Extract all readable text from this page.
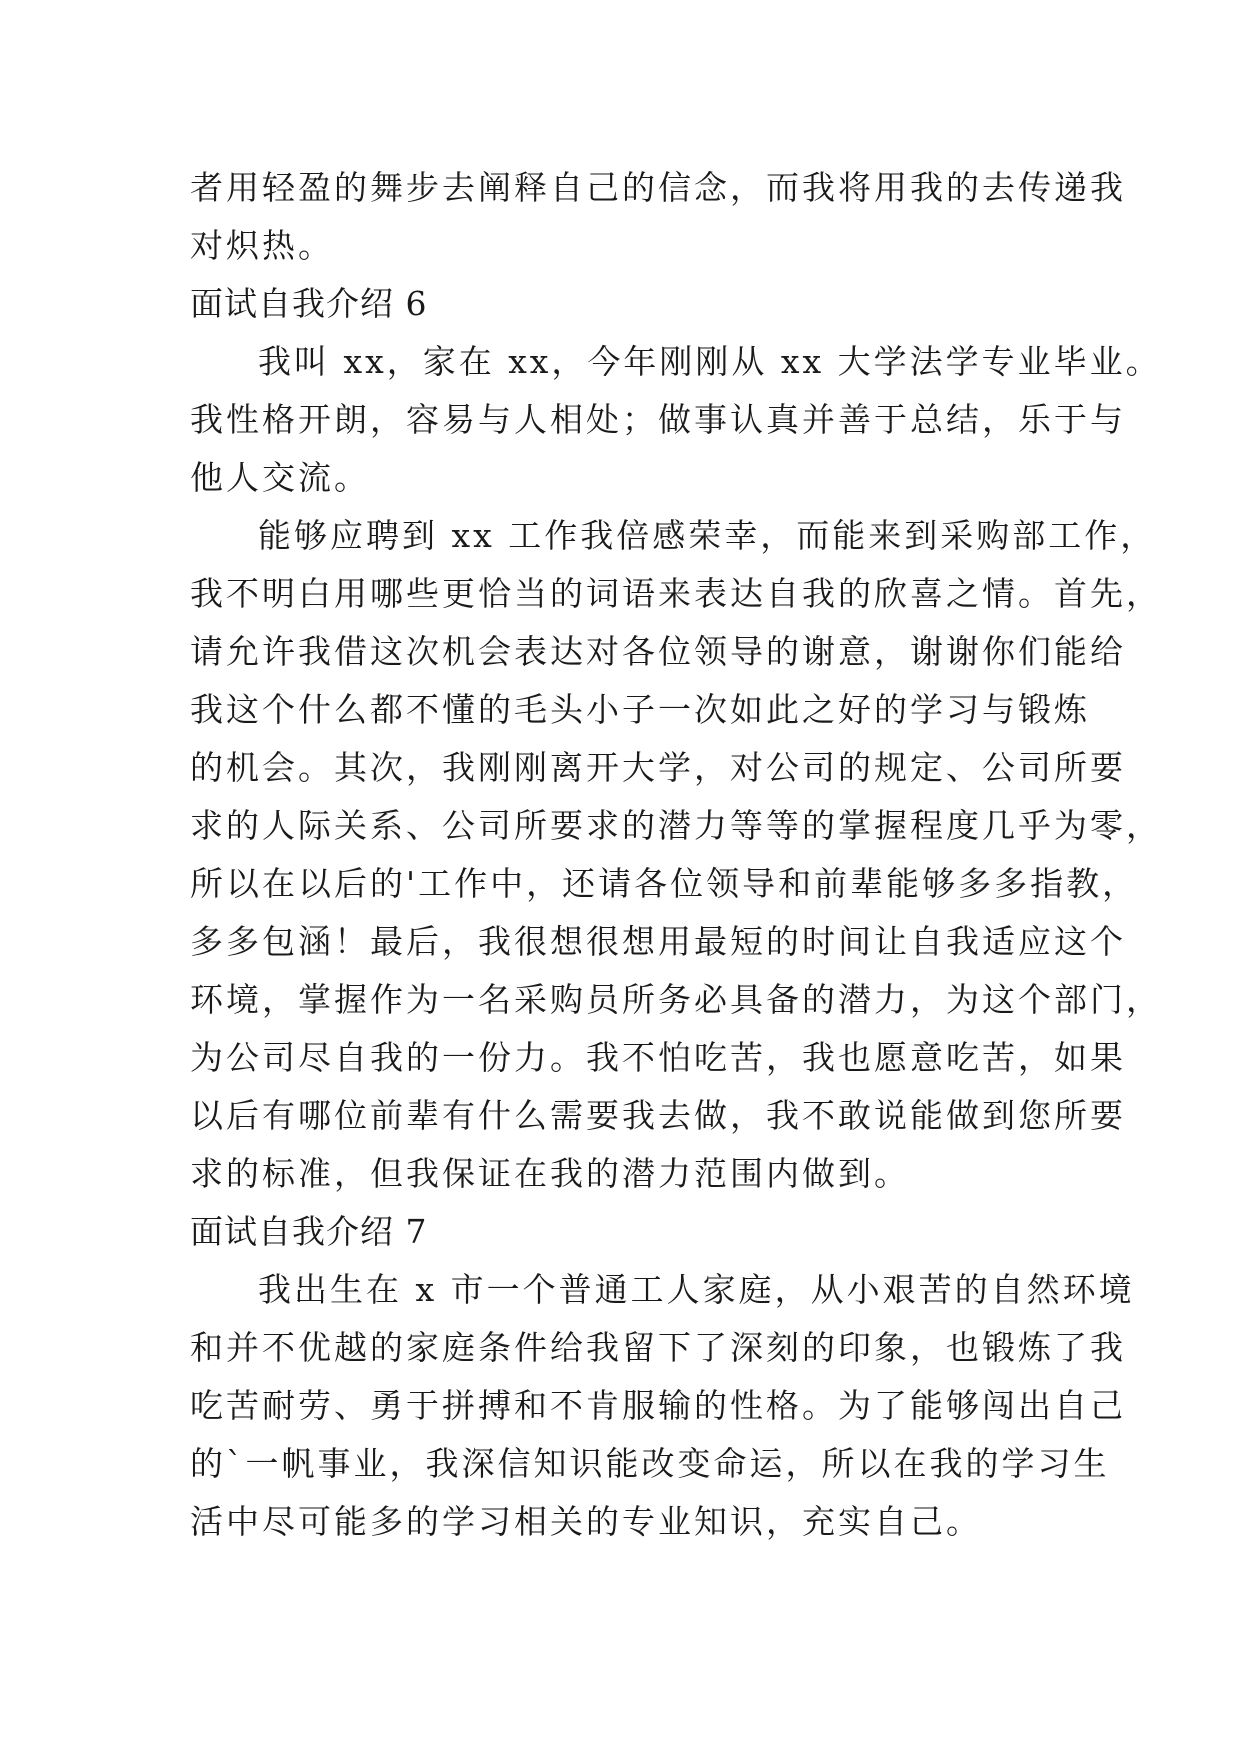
者用轻盈的舞步去阐释自己的信念，而我将用我的去传递我
对炽热。
面试自我介绍 6
我叫 xx，家在 xx，今年刚刚从 xx 大学法学专业毕业。
我性格开朗，容易与人相处；做事认真并善于总结，乐于与
他人交流。
能够应聘到 xx 工作我倍感荣幸，而能来到采购部工作，
我不明白用哪些更恰当的词语来表达自我的欣喜之情。首先，
请允许我借这次机会表达对各位领导的谢意，谢谢你们能给
我这个什么都不懂的毛头小子一次如此之好的学习与锻炼
的机会。其次，我刚刚离开大学，对公司的规定、公司所要
求的人际关系、公司所要求的潜力等等的掌握程度几乎为零，
所以在以后的'工作中，还请各位领导和前辈能够多多指教，
多多包涵！最后，我很想很想用最短的时间让自我适应这个
环境，掌握作为一名采购员所务必具备的潜力，为这个部门，
为公司尽自我的一份力。我不怕吃苦，我也愿意吃苦，如果
以后有哪位前辈有什么需要我去做，我不敢说能做到您所要
求的标准，但我保证在我的潜力范围内做到。
面试自我介绍 7
我出生在 x 市一个普通工人家庭，从小艰苦的自然环境
和并不优越的家庭条件给我留下了深刻的印象，也锻炼了我
吃苦耐劳、勇于拼搏和不肯服输的性格。为了能够闯出自己
的`一帆事业，我深信知识能改变命运，所以在我的学习生
活中尽可能多的学习相关的专业知识，充实自己。
